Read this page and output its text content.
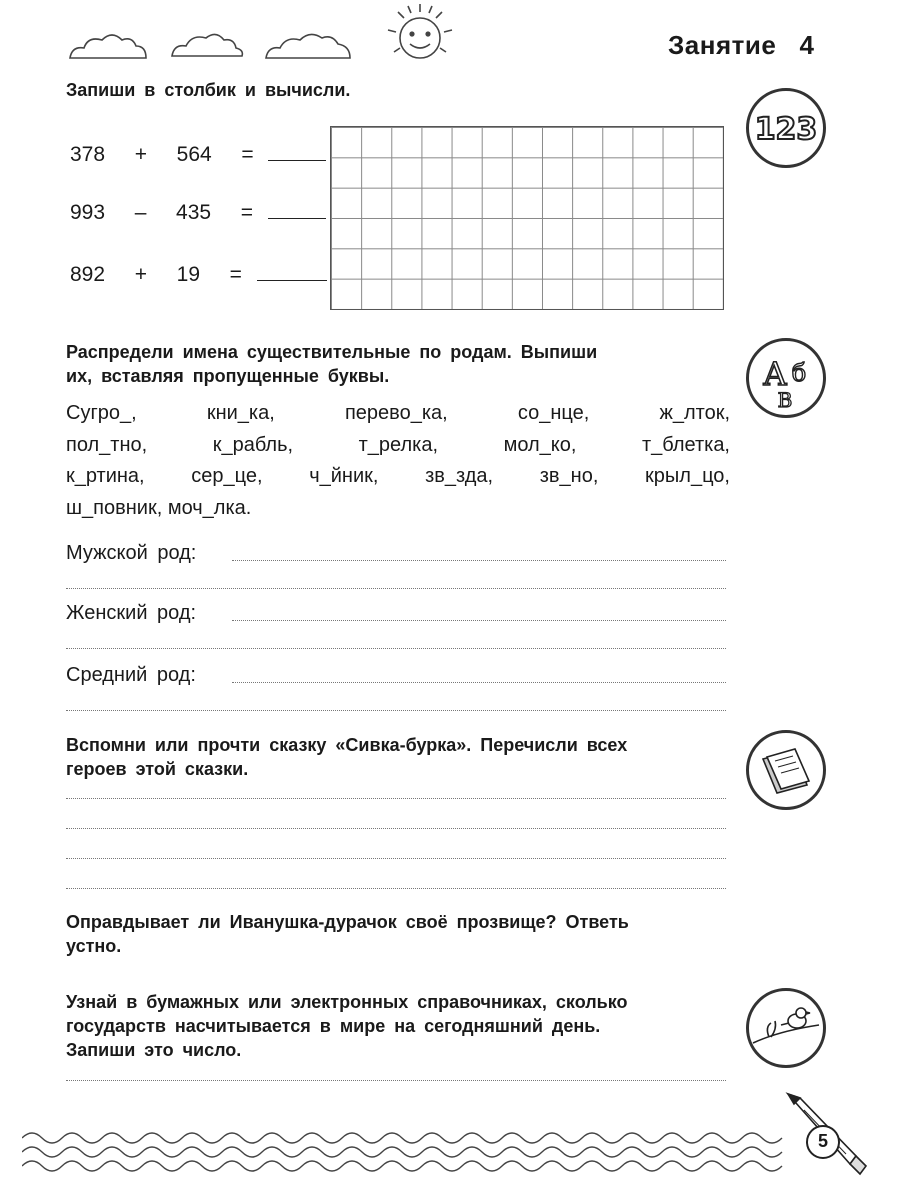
Занятие   4
Запиши в столбик и вычисли.
378  +  564  =
993  –  435  =
892  +  19  =
123
Распредели имена существительные по родам. Выпиши
их, вставляя пропущенные буквы.	А б
В

Сугро_, кни_ка, перево_ка, со_нце, ж_лток,

пол_тно, к_рабль, т_релка, мол_ко, т_блетка,

к_ртина, сер_це, ч_йник, зв_зда, зв_но, крыл_цо,

ш_повник, моч_лка.

Мужской род:
Женский род:
Средний род:
Вспомни или прочти сказку «Сивка-бурка». Перечисли всех
героев этой сказки.
Оправдывает ли Иванушка-дурачок своё прозвище? Ответь
устно.
Узнай в бумажных или электронных справочниках, сколько
государств насчитывается в мире на сегодняшний день.
Запиши это число.
5
